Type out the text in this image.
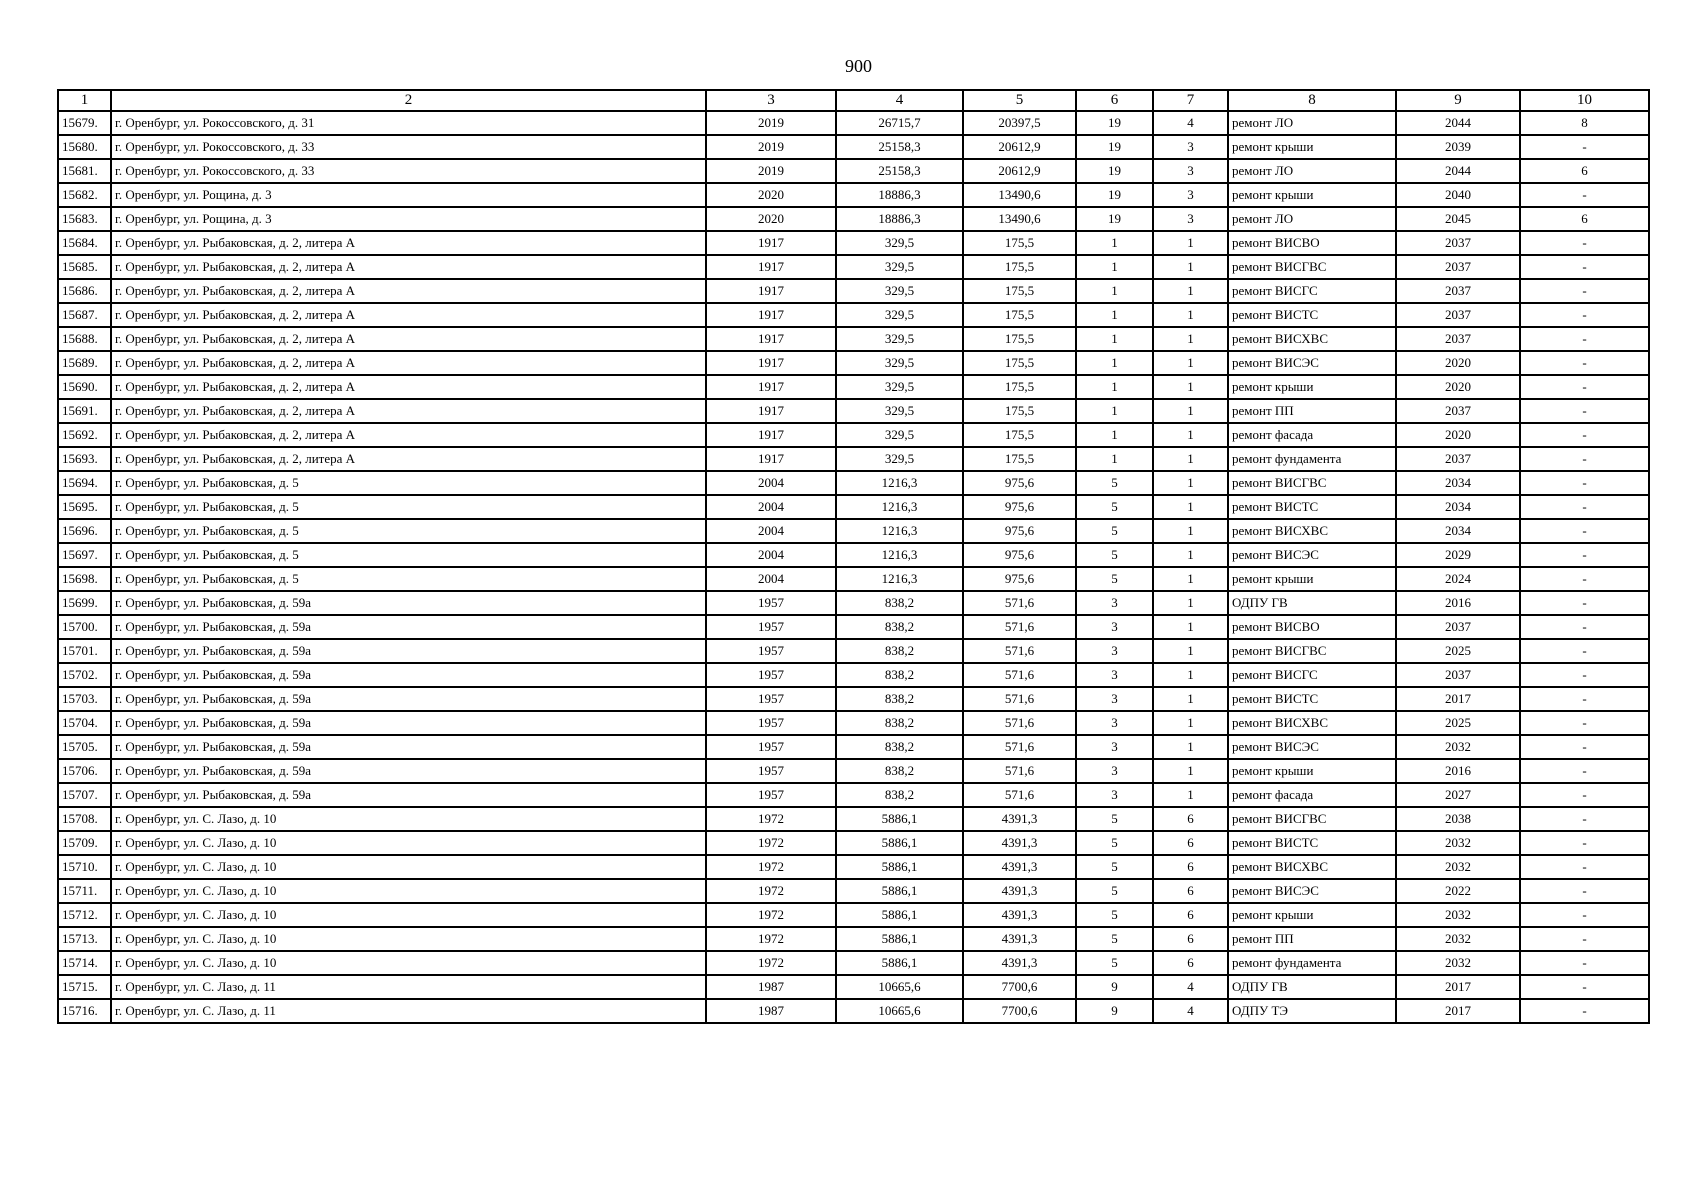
900
1	2	3	4	5	6	7	8	9	10
15679.	г. Оренбург, ул. Рокоссовского, д. 31	2019	26715,7	20397,5	19	4	ремонт ЛО	2044	8
15680.	г. Оренбург, ул. Рокоссовского, д. 33	2019	25158,3	20612,9	19	3	ремонт крыши	2039	-
15681.	г. Оренбург, ул. Рокоссовского, д. 33	2019	25158,3	20612,9	19	3	ремонт ЛО	2044	6
15682.	г. Оренбург, ул. Рощина, д. 3	2020	18886,3	13490,6	19	3	ремонт крыши	2040	-
15683.	г. Оренбург, ул. Рощина, д. 3	2020	18886,3	13490,6	19	3	ремонт ЛО	2045	6
15684.	г. Оренбург, ул. Рыбаковская, д. 2, литера А	1917	329,5	175,5	1	1	ремонт ВИСВО	2037	-
15685.	г. Оренбург, ул. Рыбаковская, д. 2, литера А	1917	329,5	175,5	1	1	ремонт ВИСГВС	2037	-
15686.	г. Оренбург, ул. Рыбаковская, д. 2, литера А	1917	329,5	175,5	1	1	ремонт ВИСГС	2037	-
15687.	г. Оренбург, ул. Рыбаковская, д. 2, литера А	1917	329,5	175,5	1	1	ремонт ВИСТС	2037	-
15688.	г. Оренбург, ул. Рыбаковская, д. 2, литера А	1917	329,5	175,5	1	1	ремонт ВИСХВС	2037	-
15689.	г. Оренбург, ул. Рыбаковская, д. 2, литера А	1917	329,5	175,5	1	1	ремонт ВИСЭС	2020	-
15690.	г. Оренбург, ул. Рыбаковская, д. 2, литера А	1917	329,5	175,5	1	1	ремонт крыши	2020	-
15691.	г. Оренбург, ул. Рыбаковская, д. 2, литера А	1917	329,5	175,5	1	1	ремонт ПП	2037	-
15692.	г. Оренбург, ул. Рыбаковская, д. 2, литера А	1917	329,5	175,5	1	1	ремонт фасада	2020	-
15693.	г. Оренбург, ул. Рыбаковская, д. 2, литера А	1917	329,5	175,5	1	1	ремонт фундамента	2037	-
15694.	г. Оренбург, ул. Рыбаковская, д. 5	2004	1216,3	975,6	5	1	ремонт ВИСГВС	2034	-
15695.	г. Оренбург, ул. Рыбаковская, д. 5	2004	1216,3	975,6	5	1	ремонт ВИСТС	2034	-
15696.	г. Оренбург, ул. Рыбаковская, д. 5	2004	1216,3	975,6	5	1	ремонт ВИСХВС	2034	-
15697.	г. Оренбург, ул. Рыбаковская, д. 5	2004	1216,3	975,6	5	1	ремонт ВИСЭС	2029	-
15698.	г. Оренбург, ул. Рыбаковская, д. 5	2004	1216,3	975,6	5	1	ремонт крыши	2024	-
15699.	г. Оренбург, ул. Рыбаковская, д. 59а	1957	838,2	571,6	3	1	ОДПУ ГВ	2016	-
15700.	г. Оренбург, ул. Рыбаковская, д. 59а	1957	838,2	571,6	3	1	ремонт ВИСВО	2037	-
15701.	г. Оренбург, ул. Рыбаковская, д. 59а	1957	838,2	571,6	3	1	ремонт ВИСГВС	2025	-
15702.	г. Оренбург, ул. Рыбаковская, д. 59а	1957	838,2	571,6	3	1	ремонт ВИСГС	2037	-
15703.	г. Оренбург, ул. Рыбаковская, д. 59а	1957	838,2	571,6	3	1	ремонт ВИСТС	2017	-
15704.	г. Оренбург, ул. Рыбаковская, д. 59а	1957	838,2	571,6	3	1	ремонт ВИСХВС	2025	-
15705.	г. Оренбург, ул. Рыбаковская, д. 59а	1957	838,2	571,6	3	1	ремонт ВИСЭС	2032	-
15706.	г. Оренбург, ул. Рыбаковская, д. 59а	1957	838,2	571,6	3	1	ремонт крыши	2016	-
15707.	г. Оренбург, ул. Рыбаковская, д. 59а	1957	838,2	571,6	3	1	ремонт фасада	2027	-
15708.	г. Оренбург, ул. С. Лазо, д. 10	1972	5886,1	4391,3	5	6	ремонт ВИСГВС	2038	-
15709.	г. Оренбург, ул. С. Лазо, д. 10	1972	5886,1	4391,3	5	6	ремонт ВИСТС	2032	-
15710.	г. Оренбург, ул. С. Лазо, д. 10	1972	5886,1	4391,3	5	6	ремонт ВИСХВС	2032	-
15711.	г. Оренбург, ул. С. Лазо, д. 10	1972	5886,1	4391,3	5	6	ремонт ВИСЭС	2022	-
15712.	г. Оренбург, ул. С. Лазо, д. 10	1972	5886,1	4391,3	5	6	ремонт крыши	2032	-
15713.	г. Оренбург, ул. С. Лазо, д. 10	1972	5886,1	4391,3	5	6	ремонт ПП	2032	-
15714.	г. Оренбург, ул. С. Лазо, д. 10	1972	5886,1	4391,3	5	6	ремонт фундамента	2032	-
15715.	г. Оренбург, ул. С. Лазо, д. 11	1987	10665,6	7700,6	9	4	ОДПУ ГВ	2017	-
15716.	г. Оренбург, ул. С. Лазо, д. 11	1987	10665,6	7700,6	9	4	ОДПУ ТЭ	2017	-
